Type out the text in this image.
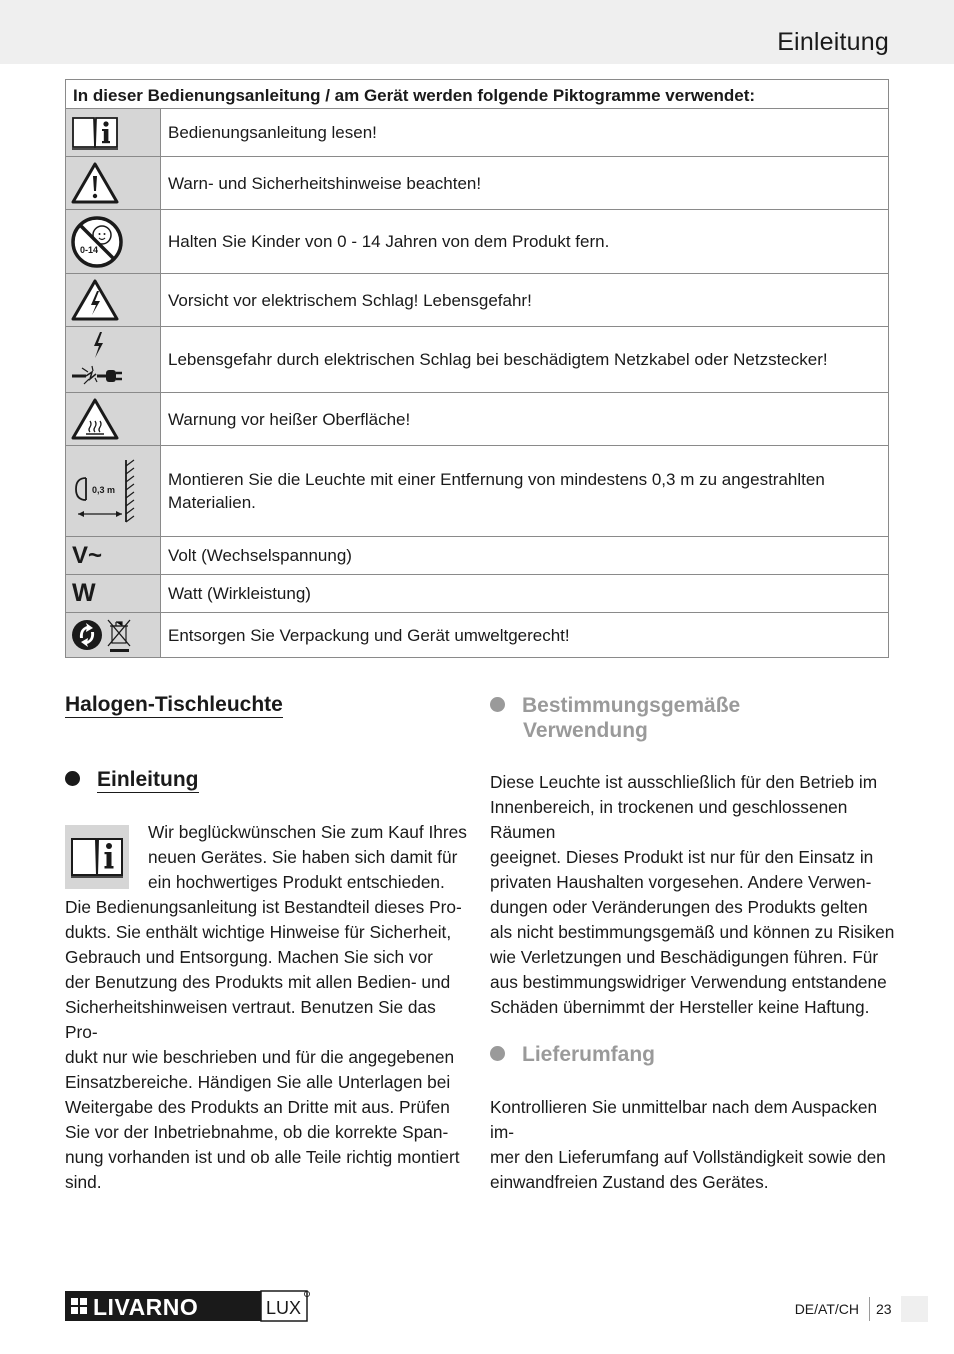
Einleitung
In dieser Bedienungsanleitung / am Gerät werden folgende Piktogramme verwendet:	

	Bedienungsanleitung lesen!

	Warn- und Sicherheitshinweise beachten!

0-14	Halten Sie Kinder von 0 - 14 Jahren von dem Produkt fern.

	Vorsicht vor elektrischem Schlag! Lebensgefahr!

	Lebensgefahr durch elektrischen Schlag bei beschädigtem Netzkabel oder Netzstecker!

	Warnung vor heißer Oberfläche!

0,3 m	Montieren Sie die Leuchte mit einer Entfernung von mindestens 0,3 m zu angestrahlten Materialien.
V~	Volt (Wechselspannung)
W	Watt (Wirkleistung)

	Entsorgen Sie Verpackung und Gerät umweltgerecht!
Halogen-Tischleuchte
Einleitung
Wir beglückwünschen Sie zum Kauf Ihres
neuen Gerätes. Sie haben sich damit für
ein hochwertiges Produkt entschieden.
Die Bedienungsanleitung ist Bestandteil dieses Pro-
dukts. Sie enthält wichtige Hinweise für Sicherheit,
Gebrauch und Entsorgung. Machen Sie sich vor
der Benutzung des Produkts mit allen Bedien- und
Sicherheitshinweisen vertraut. Benutzen Sie das Pro-
dukt nur wie beschrieben und für die angegebenen
Einsatzbereiche. Händigen Sie alle Unterlagen bei
Weitergabe des Produkts an Dritte mit aus. Prüfen
Sie vor der Inbetriebnahme, ob die korrekte Span-
nung vorhanden ist und ob alle Teile richtig montiert
sind.
Bestimmungsgemäße
Verwendung
Diese Leuchte ist ausschließlich für den Betrieb im
Innenbereich, in trockenen und geschlossenen Räumen
geeignet. Dieses Produkt ist nur für den Einsatz in
privaten Haushalten vorgesehen. Andere Verwen-
dungen oder Veränderungen des Produkts gelten
als nicht bestimmungsgemäß und können zu Risiken
wie Verletzungen und Beschädigungen führen. Für
aus bestimmungswidriger Verwendung entstandene
Schäden übernimmt der Hersteller keine Haftung.
Lieferumfang
Kontrollieren Sie unmittelbar nach dem Auspacken im-
mer den Lieferumfang auf Vollständigkeit sowie den
einwandfreien Zustand des Gerätes.
LIVARNO	LUX	DE/AT/CH 23
